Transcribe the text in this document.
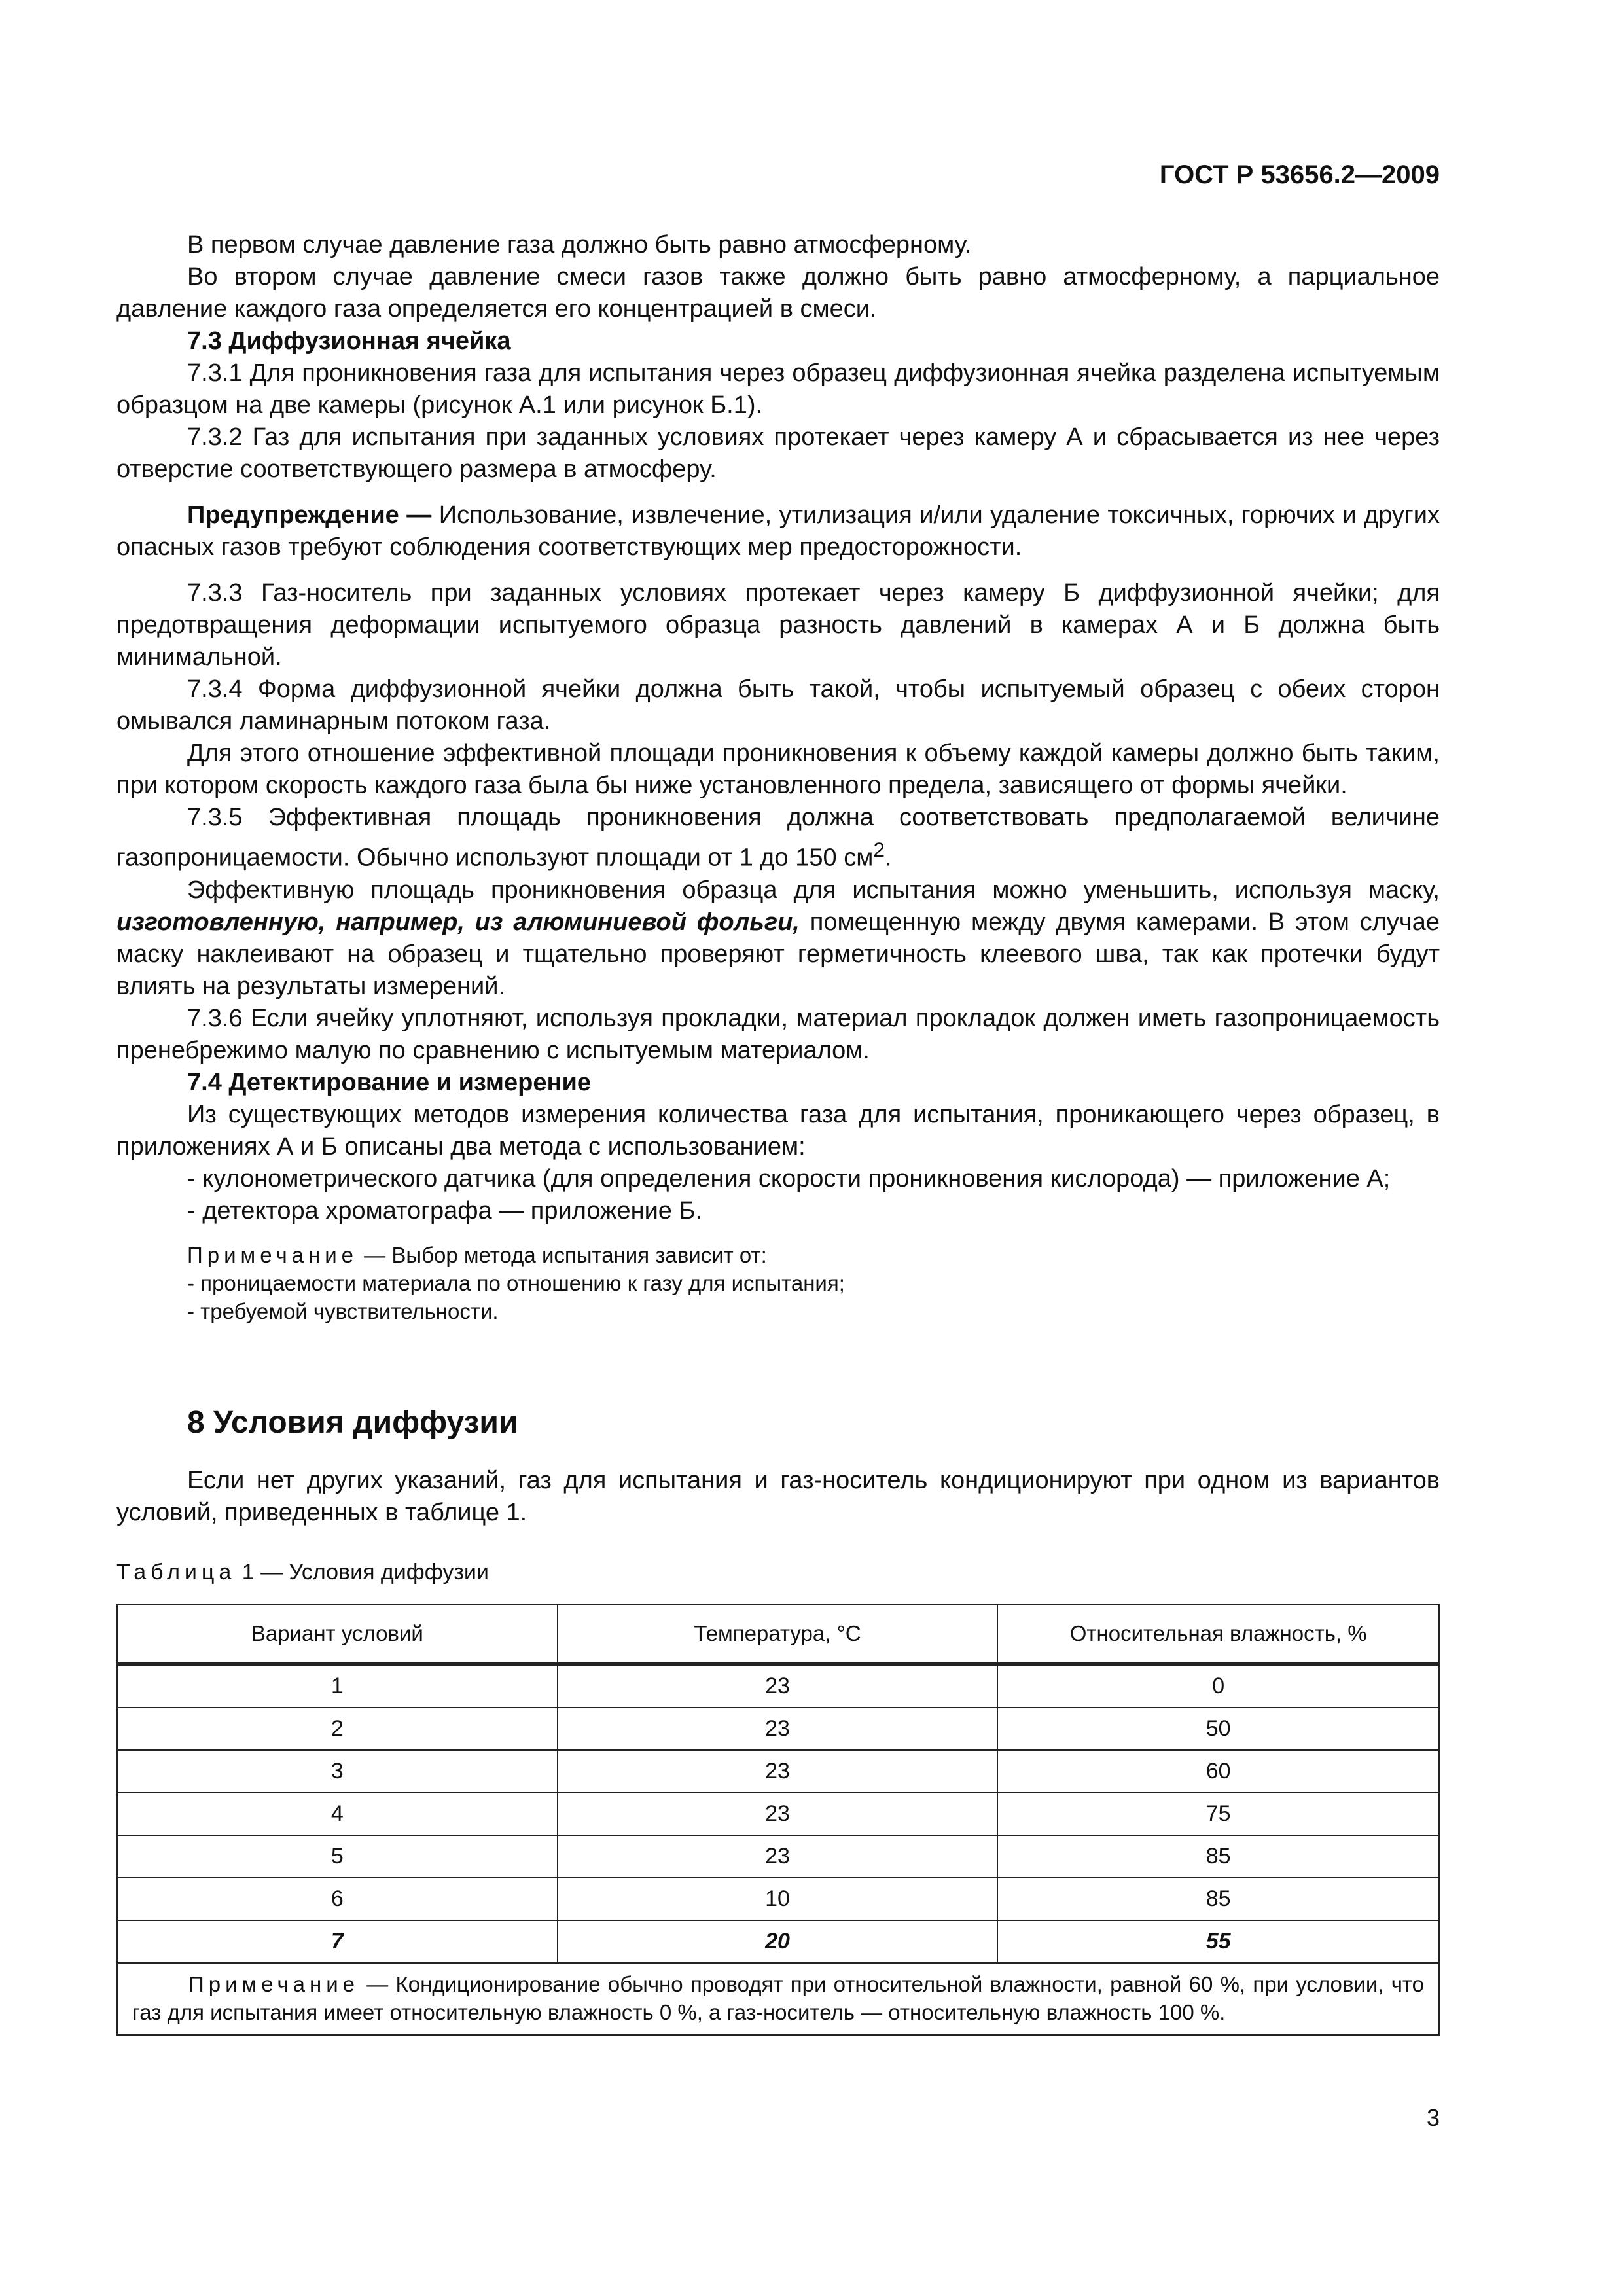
ГОСТ Р 53656.2—2009

В первом случае давление газа должно быть равно атмосферному.

Во втором случае давление смеси газов также должно быть равно атмосферному, а парциальное давление каждого газа определяется его концентрацией в смеси.

7.3 Диффузионная ячейка

7.3.1 Для проникновения газа для испытания через образец диффузионная ячейка разделена испытуемым образцом на две камеры (рисунок А.1 или рисунок Б.1).

7.3.2 Газ для испытания при заданных условиях протекает через камеру А и сбрасывается из нее через отверстие соответствующего размера в атмосферу.

Предупреждение — Использование, извлечение, утилизация и/или удаление токсичных, горючих и других опасных газов требуют соблюдения соответствующих мер предосторожности.

7.3.3 Газ-носитель при заданных условиях протекает через камеру Б диффузионной ячейки; для предотвращения деформации испытуемого образца разность давлений в камерах А и Б должна быть минимальной.

7.3.4 Форма диффузионной ячейки должна быть такой, чтобы испытуемый образец с обеих сторон омывался ламинарным потоком газа.

Для этого отношение эффективной площади проникновения к объему каждой камеры должно быть таким, при котором скорость каждого газа была бы ниже установленного предела, зависящего от формы ячейки.

7.3.5 Эффективная площадь проникновения должна соответствовать предполагаемой величине газопроницаемости. Обычно используют площади от 1 до 150 $см^2$.

Эффективную площадь проникновения образца для испытания можно уменьшить, используя маску, изготовленную, например, из алюминиевой фольги, помещенную между двумя камерами. В этом случае маску наклеивают на образец и тщательно проверяют герметичность клеевого шва, так как протечки будут влиять на результаты измерений.

7.3.6 Если ячейку уплотняют, используя прокладки, материал прокладок должен иметь газопроницаемость пренебрежимо малую по сравнению с испытуемым материалом.

7.4 Детектирование и измерение

Из существующих методов измерения количества газа для испытания, проникающего через образец, в приложениях А и Б описаны два метода с использованием:

- кулонометрического датчика (для определения скорости проникновения кислорода) — приложение А;

- детектора хроматографа — приложение Б.

Примечание — Выбор метода испытания зависит от:

- проницаемости материала по отношению к газу для испытания;

- требуемой чувствительности.

8 Условия диффузии

Если нет других указаний, газ для испытания и газ-носитель кондиционируют при одном из вариантов условий, приведенных в таблице 1.

Таблица 1 — Условия диффузии
Вариант условий	Температура, °С	Относительная влажность, %
1	23	0
2	23	50
3	23	60
4	23	75
5	23	85
6	10	85
7	20	55
Примечание — Кондиционирование обычно проводят при относительной влажности, равной 60 %, при условии, что газ для испытания имеет относительную влажность 0 %, а газ-носитель — относительную влажность 100 %.		
3
